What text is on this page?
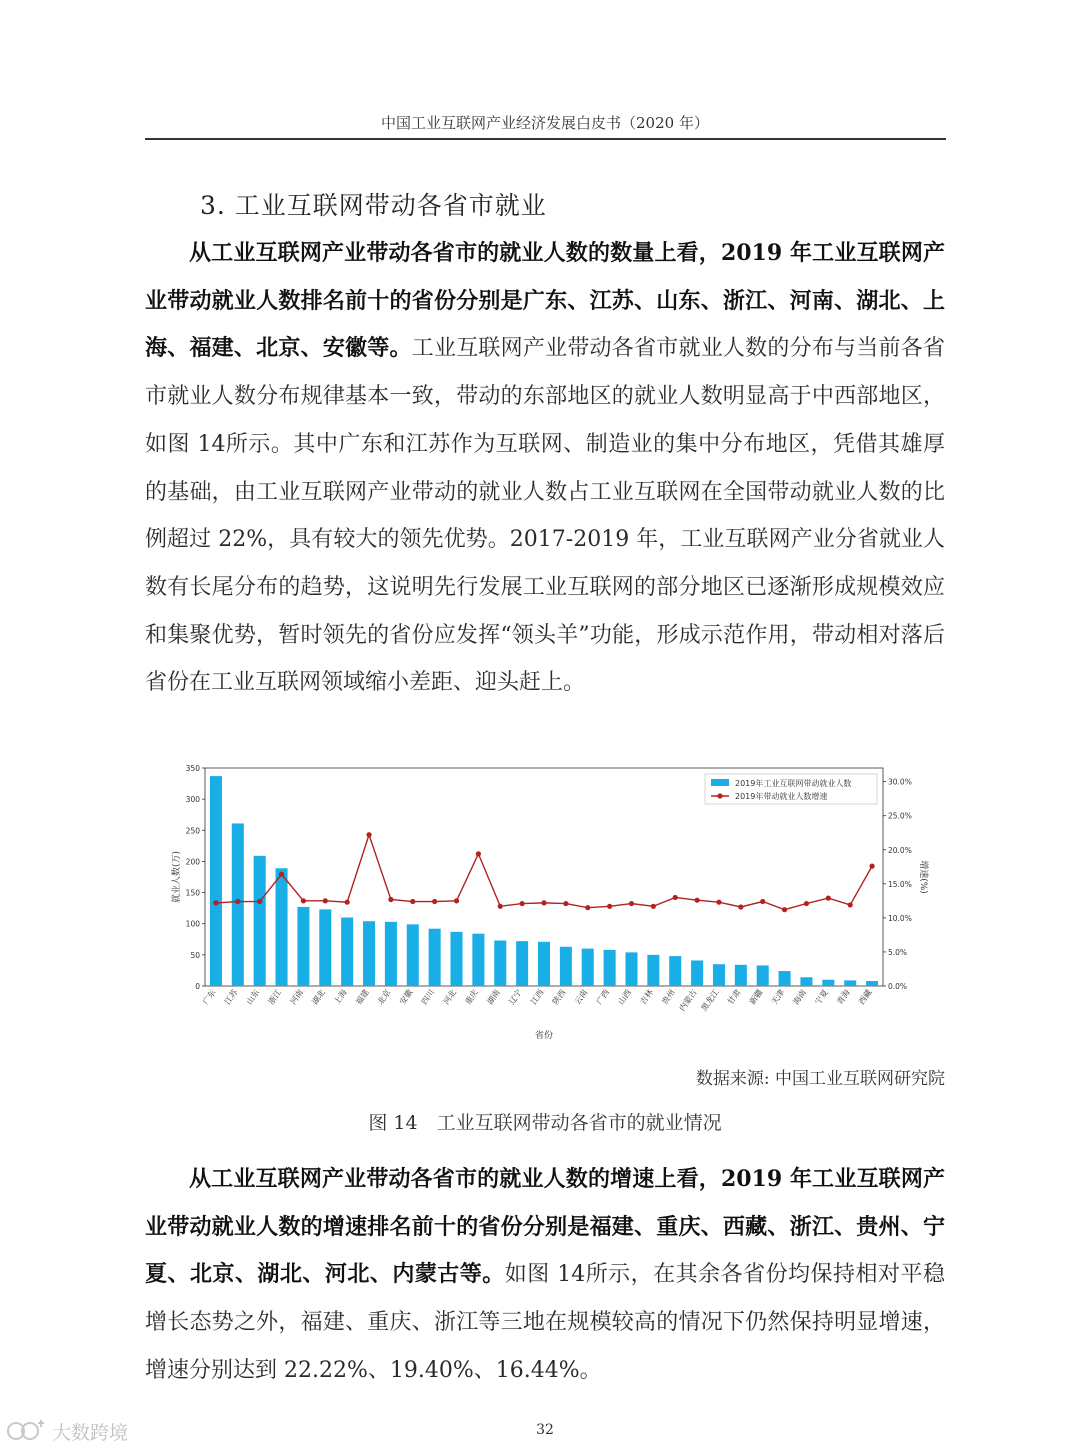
中国工业互联网产业经济发展白皮书（2020 年）
3. 工业互联网带动各省市就业

从工业互联网产业带动各省市的就业人数的数量上看，2019 年工业互联网产业带动就业人数排名前十的省份分别是广东、江苏、山东、浙江、河南、湖北、上海、福建、北京、安徽等。工业互联网产业带动各省市就业人数的分布与当前各省市就业人数分布规律基本一致，带动的东部地区的就业人数明显高于中西部地区，如图 14所示。其中广东和江苏作为互联网、制造业的集中分布地区，凭借其雄厚的基础，由工业互联网产业带动的就业人数占工业互联网在全国带动就业人数的比例超过 22%，具有较大的领先优势。2017-2019 年，工业互联网产业分省就业人数有长尾分布的趋势，这说明先行发展工业互联网的部分地区已逐渐形成规模效应和集聚优势，暂时领先的省份应发挥“领头羊”功能，形成示范作用，带动相对落后省份在工业互联网领域缩小差距、迎头赶上。

0
50
100
150
200
250
300
350
0.0%
5.0%
10.0%
15.0%
20.0%
25.0%
30.0%
广东 江苏 山东 浙江 河南 湖北 上海 福建 北京 安徽 四川 河北 重庆 湖南 辽宁 江西 陕西 云南 广西 山西 吉林 贵州 内蒙古 黑龙江 甘肃 新疆 天津 海南 宁夏 青海 西藏
省份
就业人数(万)	增速(%)
2019年工业互联网带动就业人数
2019年带动就业人数增速
数据来源: 中国工业互联网研究院
图 14　工业互联网带动各省市的就业情况

从工业互联网产业带动各省市的就业人数的增速上看，2019 年工业互联网产业带动就业人数的增速排名前十的省份分别是福建、重庆、西藏、浙江、贵州、宁夏、北京、湖北、河北、内蒙古等。如图 14所示，在其余各省份均保持相对平稳增长态势之外，福建、重庆、浙江等三地在规模较高的情况下仍然保持明显增速，增速分别达到 22.22%、19.40%、16.44%。

32
大数跨境
